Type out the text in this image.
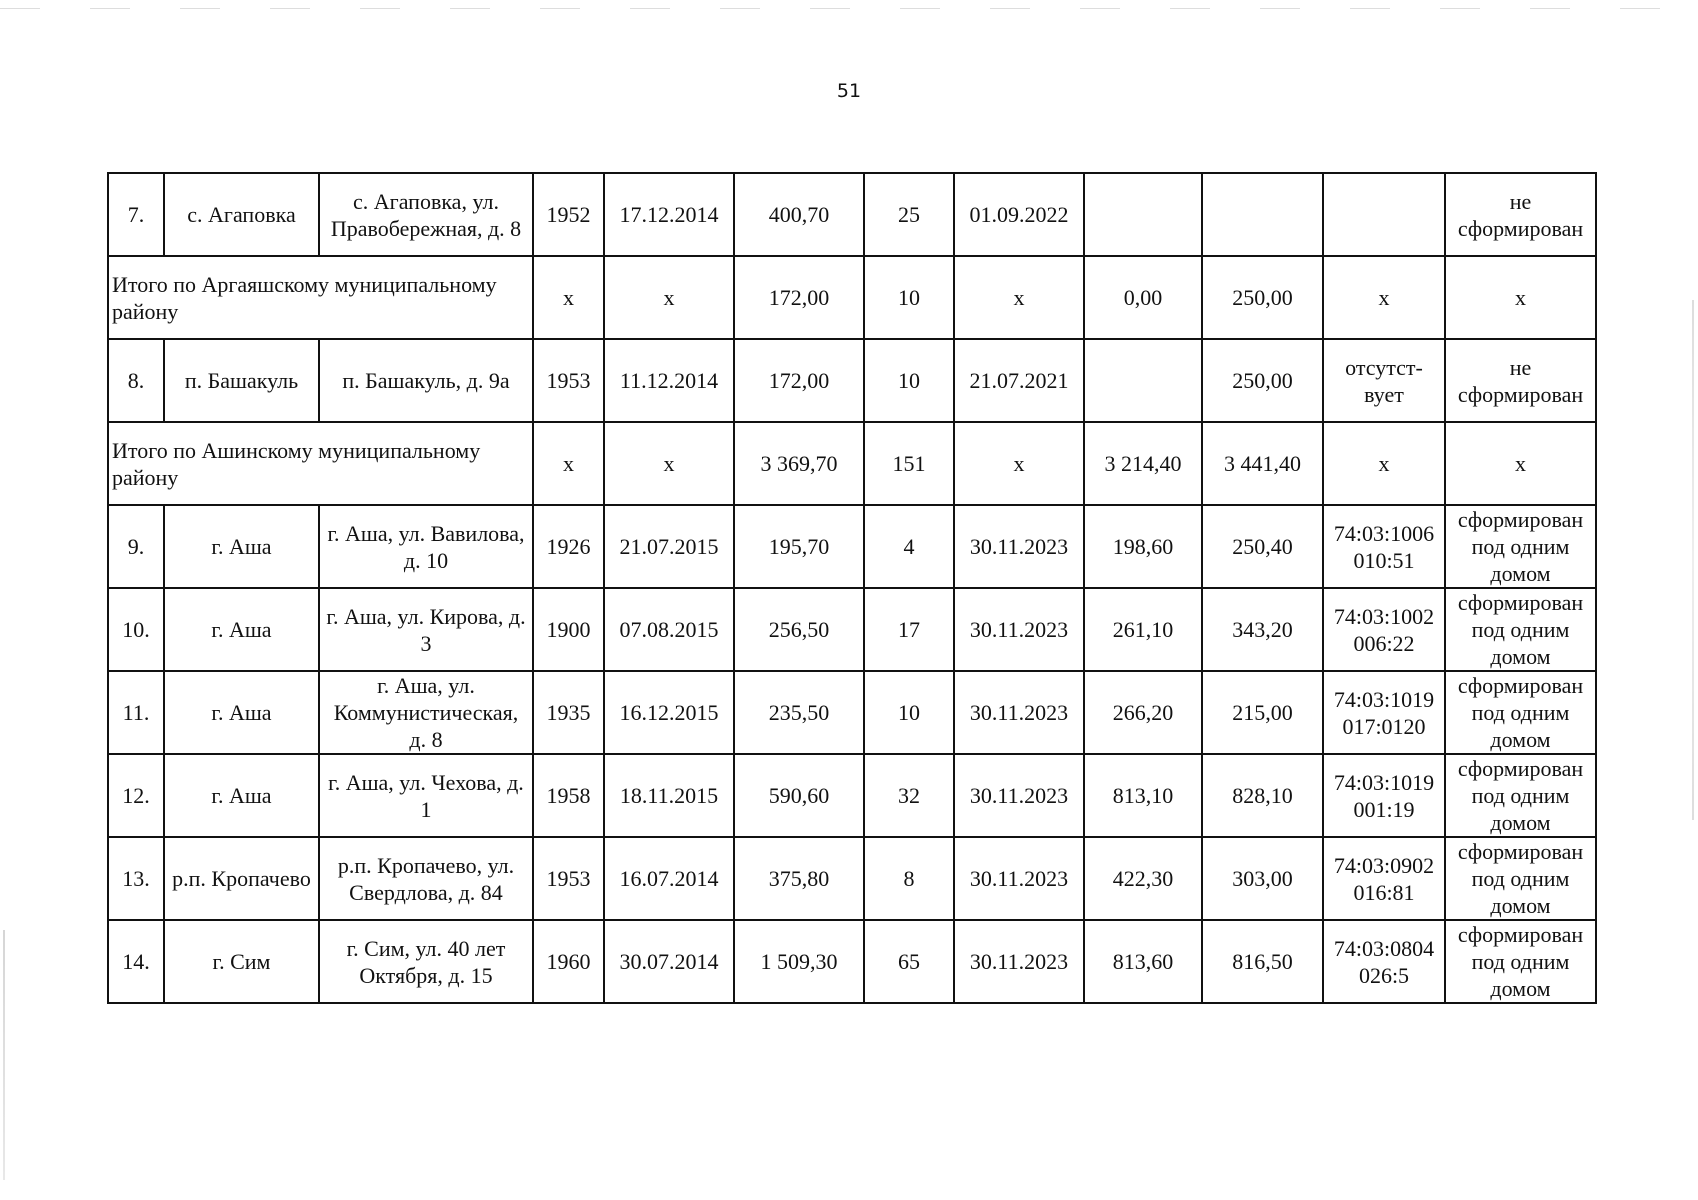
51
7.	с. Агаповка	с. Агаповка, ул. Правобережная, д. 8	1952	17.12.2014	400,70	25	01.09.2022				не сформирован
Итого по Аргаяшскому муниципальному району			х	х	172,00	10	х	0,00	250,00	х	х
8.	п. Башакуль	п. Башакуль, д. 9а	1953	11.12.2014	172,00	10	21.07.2021		250,00	отсутст- вует	не сформирован
Итого по Ашинскому муниципальному району			х	х	3 369,70	151	х	3 214,40	3 441,40	х	х
9.	г. Аша	г. Аша, ул. Вавилова, д. 10	1926	21.07.2015	195,70	4	30.11.2023	198,60	250,40	74:03:1006 010:51	сформирован под одним домом
10.	г. Аша	г. Аша, ул. Кирова, д. 3	1900	07.08.2015	256,50	17	30.11.2023	261,10	343,20	74:03:1002 006:22	сформирован под одним домом
11.	г. Аша	г. Аша, ул. Коммунистическая, д. 8	1935	16.12.2015	235,50	10	30.11.2023	266,20	215,00	74:03:1019 017:0120	сформирован под одним домом
12.	г. Аша	г. Аша, ул. Чехова, д. 1	1958	18.11.2015	590,60	32	30.11.2023	813,10	828,10	74:03:1019 001:19	сформирован под одним домом
13.	р.п. Кропачево	р.п. Кропачево, ул. Свердлова, д. 84	1953	16.07.2014	375,80	8	30.11.2023	422,30	303,00	74:03:0902 016:81	сформирован под одним домом
14.	г. Сим	г. Сим, ул. 40 лет Октября, д. 15	1960	30.07.2014	1 509,30	65	30.11.2023	813,60	816,50	74:03:0804 026:5	сформирован под одним домом
